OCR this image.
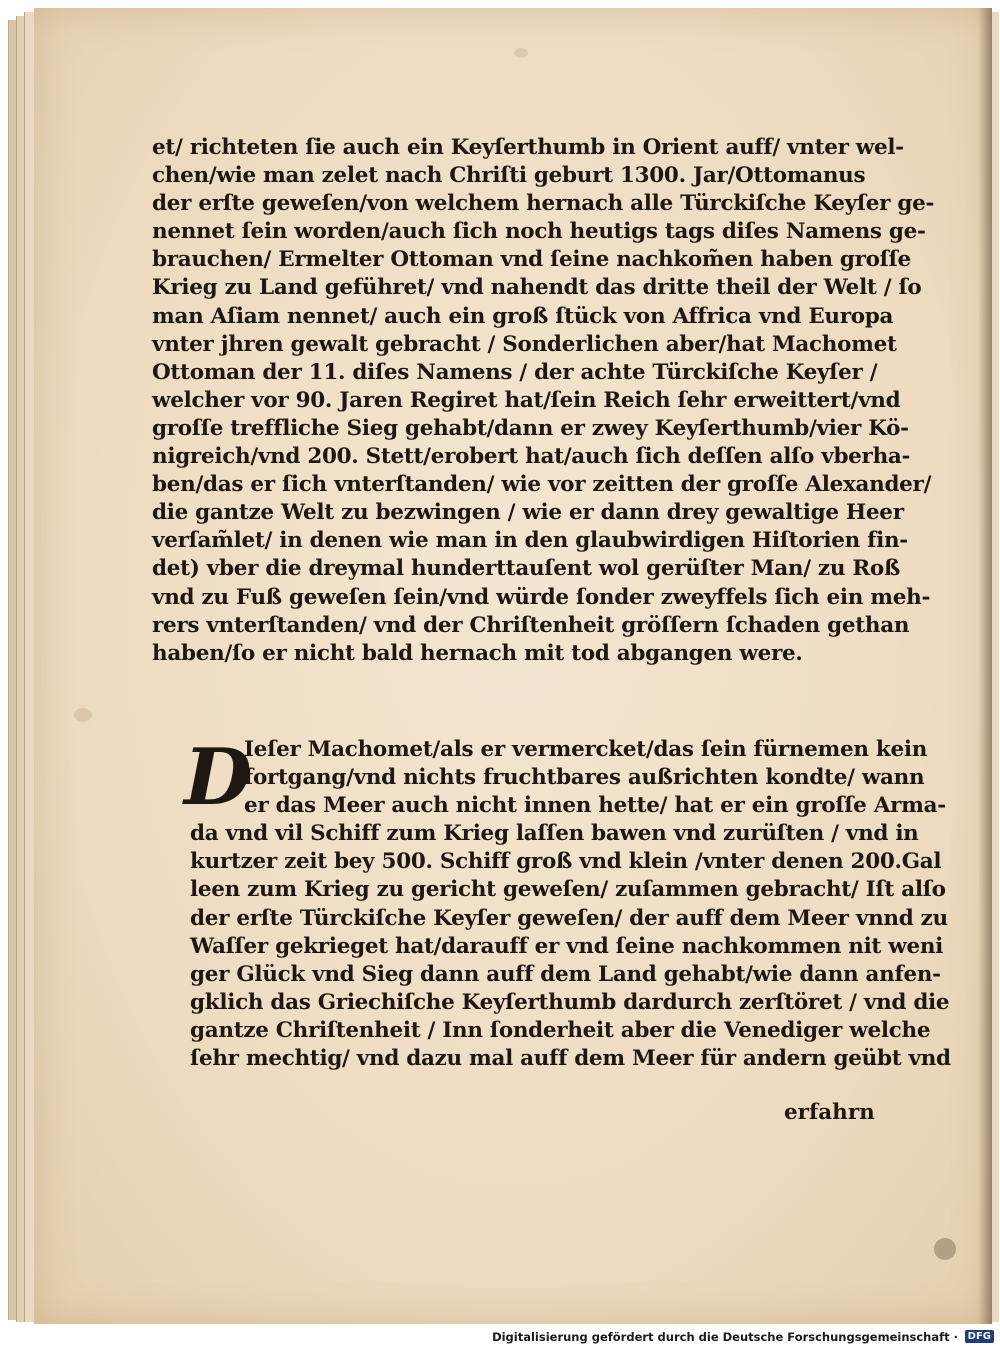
et/ richteten ſie auch ein Keyſerthumb in Orient auff/ vnter wel-
chen/wie man zelet nach Chriſti geburt 1300. Jar/Ottomanus
der erſte geweſen/von welchem hernach alle Türckiſche Keyſer ge-
nennet ſein worden/auch ſich noch heutigs tags diſes Namens ge-
brauchen/ Ermelter Ottoman vnd ſeine nachkom̃en haben groſſe
Krieg zu Land geführet/ vnd nahendt das dritte theil der Welt / ſo
man Aſiam nennet/ auch ein groß ſtück von Affrica vnd Europa
vnter jhren gewalt gebracht / Sonderlichen aber/hat Machomet
Ottoman der 11. diſes Namens / der achte Türckiſche Keyſer /
welcher vor 90. Jaren Regiret hat/ſein Reich ſehr erweittert/vnd
groſſe treffliche Sieg gehabt/dann er zwey Keyſerthumb/vier Kö-
nigreich/vnd 200. Stett/erobert hat/auch ſich deſſen alſo vberha-
ben/das er ſich vnterſtanden/ wie vor zeitten der groſſe Alexander/
die gantze Welt zu bezwingen / wie er dann drey gewaltige Heer
verſam̃let/ in denen wie man in den glaubwirdigen Hiſtorien fin-
det) vber die dreymal hunderttauſent wol gerüſter Man/ zu Roß
vnd zu Fuß geweſen ſein/vnd würde ſonder zweyffels ſich ein meh-
rers vnterſtanden/ vnd der Chriſtenheit gröſſern ſchaden gethan
haben/ſo er nicht bald hernach mit tod abgangen were.
D
Ieſer Machomet/als er vermercket/das ſein fürnemen kein
fortgang/vnd nichts fruchtbares außrichten kondte/ wann
er das Meer auch nicht innen hette/ hat er ein groſſe Arma-
da vnd vil Schiff zum Krieg laſſen bawen vnd zurüſten / vnd in
kurtzer zeit bey 500. Schiff groß vnd klein /vnter denen 200.Gal
leen zum Krieg zu gericht geweſen/ zuſammen gebracht/ Iſt alſo
der erſte Türckiſche Keyſer geweſen/ der auff dem Meer vnnd zu
Waſſer gekrieget hat/darauff er vnd ſeine nachkommen nit weni
ger Glück vnd Sieg dann auff dem Land gehabt/wie dann anfen-
gklich das Griechiſche Keyſerthumb dardurch zerſtöret / vnd die
gantze Chriſtenheit / Inn ſonderheit aber die Venediger welche
ſehr mechtig/ vnd dazu mal auff dem Meer für andern geübt vnd
erfahrn
Digitalisierung gefördert durch die Deutsche Forschungsgemeinschaft · DFG
